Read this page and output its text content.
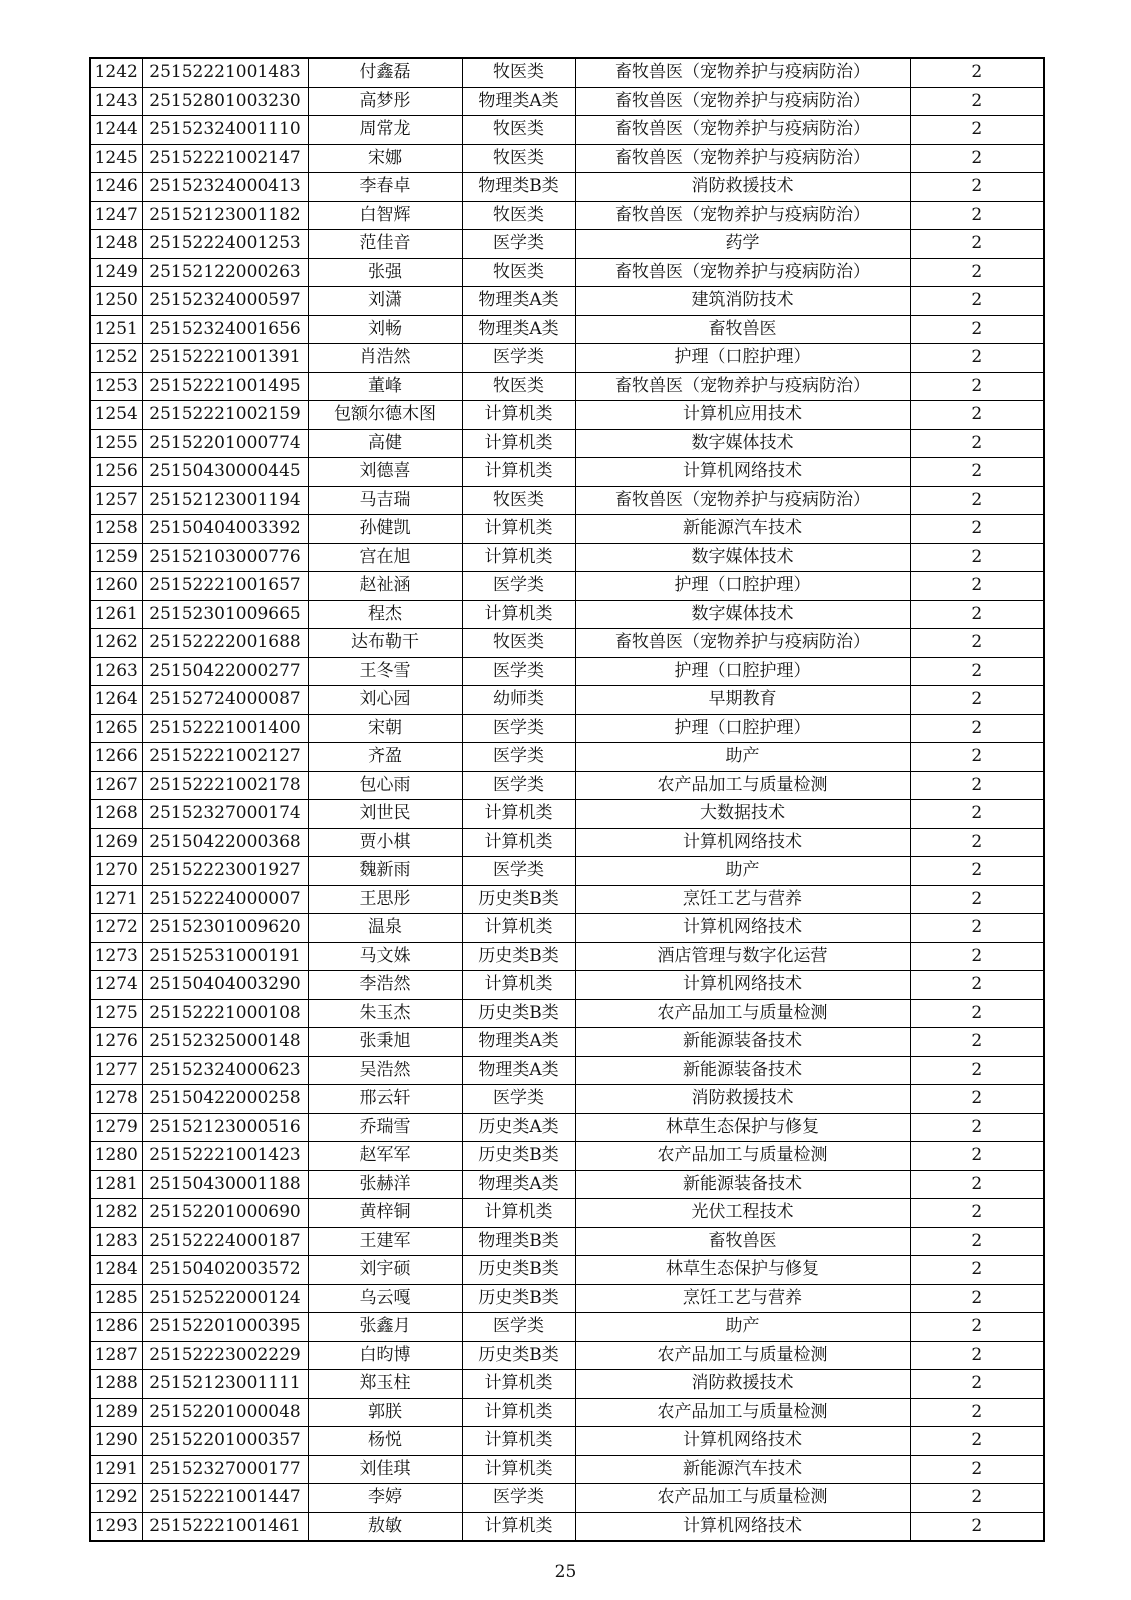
1242	25152221001483	付鑫磊	牧医类	畜牧兽医（宠物养护与疫病防治）	2
1243	25152801003230	高梦彤	物理类A类	畜牧兽医（宠物养护与疫病防治）	2
1244	25152324001110	周常龙	牧医类	畜牧兽医（宠物养护与疫病防治）	2
1245	25152221002147	宋娜	牧医类	畜牧兽医（宠物养护与疫病防治）	2
1246	25152324000413	李春卓	物理类B类	消防救援技术	2
1247	25152123001182	白智辉	牧医类	畜牧兽医（宠物养护与疫病防治）	2
1248	25152224001253	范佳音	医学类	药学	2
1249	25152122000263	张强	牧医类	畜牧兽医（宠物养护与疫病防治）	2
1250	25152324000597	刘潇	物理类A类	建筑消防技术	2
1251	25152324001656	刘畅	物理类A类	畜牧兽医	2
1252	25152221001391	肖浩然	医学类	护理（口腔护理）	2
1253	25152221001495	董峰	牧医类	畜牧兽医（宠物养护与疫病防治）	2
1254	25152221002159	包额尔德木图	计算机类	计算机应用技术	2
1255	25152201000774	高健	计算机类	数字媒体技术	2
1256	25150430000445	刘德喜	计算机类	计算机网络技术	2
1257	25152123001194	马吉瑞	牧医类	畜牧兽医（宠物养护与疫病防治）	2
1258	25150404003392	孙健凯	计算机类	新能源汽车技术	2
1259	25152103000776	宫在旭	计算机类	数字媒体技术	2
1260	25152221001657	赵祉涵	医学类	护理（口腔护理）	2
1261	25152301009665	程杰	计算机类	数字媒体技术	2
1262	25152222001688	达布勒干	牧医类	畜牧兽医（宠物养护与疫病防治）	2
1263	25150422000277	王冬雪	医学类	护理（口腔护理）	2
1264	25152724000087	刘心园	幼师类	早期教育	2
1265	25152221001400	宋朝	医学类	护理（口腔护理）	2
1266	25152221002127	齐盈	医学类	助产	2
1267	25152221002178	包心雨	医学类	农产品加工与质量检测	2
1268	25152327000174	刘世民	计算机类	大数据技术	2
1269	25150422000368	贾小棋	计算机类	计算机网络技术	2
1270	25152223001927	魏新雨	医学类	助产	2
1271	25152224000007	王思彤	历史类B类	烹饪工艺与营养	2
1272	25152301009620	温泉	计算机类	计算机网络技术	2
1273	25152531000191	马文姝	历史类B类	酒店管理与数字化运营	2
1274	25150404003290	李浩然	计算机类	计算机网络技术	2
1275	25152221000108	朱玉杰	历史类B类	农产品加工与质量检测	2
1276	25152325000148	张秉旭	物理类A类	新能源装备技术	2
1277	25152324000623	吴浩然	物理类A类	新能源装备技术	2
1278	25150422000258	邢云轩	医学类	消防救援技术	2
1279	25152123000516	乔瑞雪	历史类A类	林草生态保护与修复	2
1280	25152221001423	赵军军	历史类B类	农产品加工与质量检测	2
1281	25150430001188	张赫洋	物理类A类	新能源装备技术	2
1282	25152201000690	黄梓铜	计算机类	光伏工程技术	2
1283	25152224000187	王建军	物理类B类	畜牧兽医	2
1284	25150402003572	刘宇硕	历史类B类	林草生态保护与修复	2
1285	25152522000124	乌云嘎	历史类B类	烹饪工艺与营养	2
1286	25152201000395	张鑫月	医学类	助产	2
1287	25152223002229	白昀博	历史类B类	农产品加工与质量检测	2
1288	25152123001111	郑玉柱	计算机类	消防救援技术	2
1289	25152201000048	郭朕	计算机类	农产品加工与质量检测	2
1290	25152201000357	杨悦	计算机类	计算机网络技术	2
1291	25152327000177	刘佳琪	计算机类	新能源汽车技术	2
1292	25152221001447	李婷	医学类	农产品加工与质量检测	2
1293	25152221001461	敖敏	计算机类	计算机网络技术	2
25
